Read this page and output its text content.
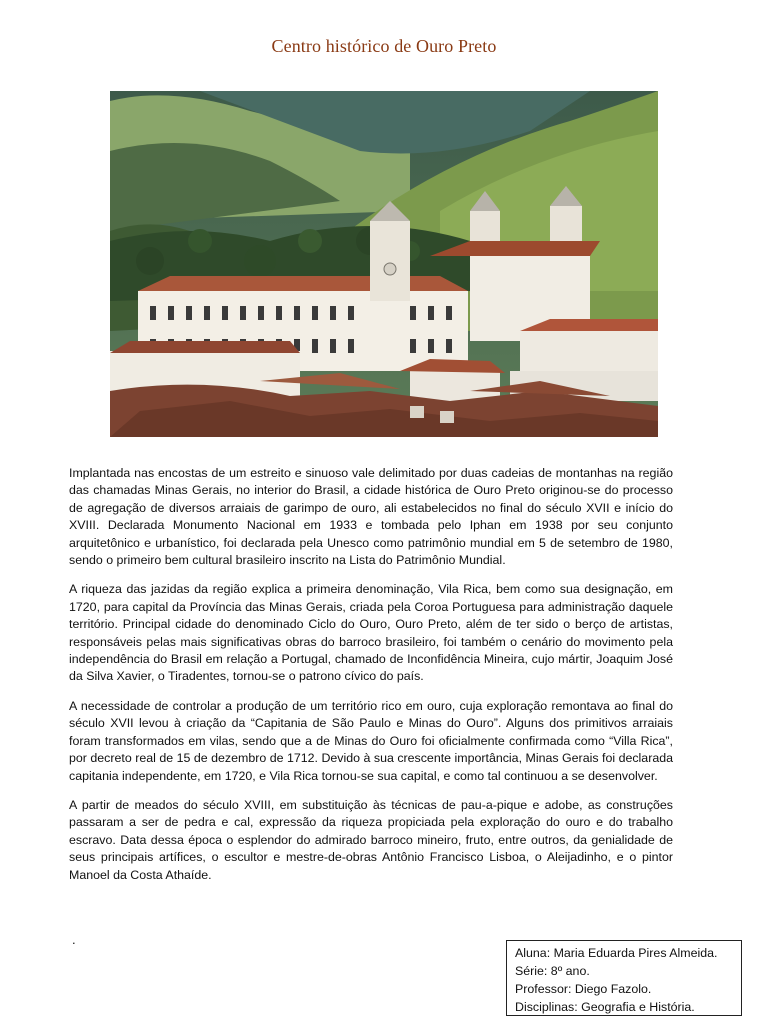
Centro histórico de Ouro Preto

Implantada nas encostas de um estreito e sinuoso vale delimitado por duas cadeias de montanhas na região das chamadas Minas Gerais, no interior do Brasil, a cidade histórica de Ouro Preto originou-se do processo de agregação de diversos arraiais de garimpo de ouro, ali estabelecidos no final do século XVII e início do XVIII. Declarada Monumento Nacional em 1933 e tombada pelo Iphan em 1938 por seu conjunto arquitetônico e urbanístico, foi declarada pela Unesco como patrimônio mundial em 5 de setembro de 1980, sendo o primeiro bem cultural brasileiro inscrito na Lista do Patrimônio Mundial.

A riqueza das jazidas da região explica a primeira denominação, Vila Rica, bem como sua designação, em 1720, para capital da Província das Minas Gerais, criada pela Coroa Portuguesa para administração daquele território. Principal cidade do denominado Ciclo do Ouro, Ouro Preto, além de ter sido o berço de artistas, responsáveis pelas mais significativas obras do barroco brasileiro, foi também o cenário do movimento pela independência do Brasil em relação a Portugal, chamado de Inconfidência Mineira, cujo mártir, Joaquim José da Silva Xavier, o Tiradentes, tornou-se o patrono cívico do país.

A necessidade de controlar a produção de um território rico em ouro, cuja exploração remontava ao final do século XVII levou à criação da “Capitania de São Paulo e Minas do Ouro”. Alguns dos primitivos arraiais foram transformados em vilas, sendo que a de Minas do Ouro foi oficialmente confirmada como “Villa Rica”, por decreto real de 15 de dezembro de 1712. Devido à sua crescente importância, Minas Gerais foi declarada capitania independente, em 1720, e Vila Rica tornou-se sua capital, e como tal continuou a se desenvolver.

A partir de meados do século XVIII, em substituição às técnicas de pau-a-pique e adobe, as construções passaram a ser de pedra e cal, expressão da riqueza propiciada pela exploração do ouro e do trabalho escravo. Data dessa época o esplendor do admirado barroco mineiro, fruto, entre outros, da genialidade de seus principais artífices, o escultor e mestre-de-obras Antônio Francisco Lisboa, o Aleijadinho, e o pintor Manoel da Costa Athaíde.

.
Aluna: Maria Eduarda Pires Almeida.
Série: 8º ano.
Professor: Diego Fazolo.
Disciplinas: Geografia e História.
